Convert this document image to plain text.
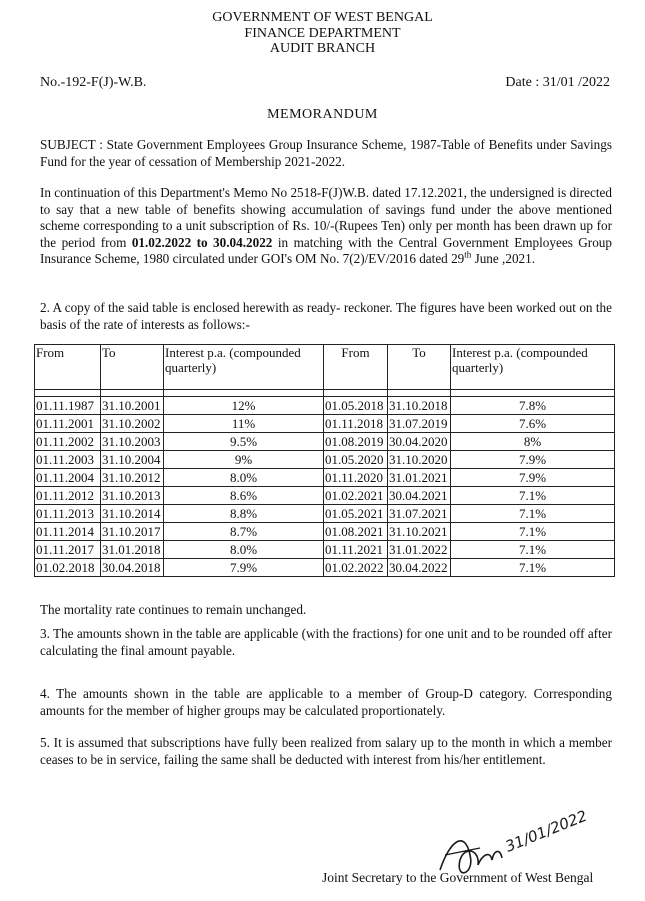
GOVERNMENT OF WEST BENGAL
FINANCE DEPARTMENT
AUDIT BRANCH
No.-192-F(J)-W.B.	Date : 31/01 /2022
MEMORANDUM
SUBJECT : State Government Employees Group Insurance Scheme, 1987-Table of Benefits under Savings Fund for the year of cessation of Membership 2021-2022.
In continuation of this Department's Memo No 2518-F(J)W.B. dated 17.12.2021, the undersigned is directed to say that a new table of benefits showing accumulation of savings fund under the above mentioned scheme corresponding to a unit subscription of Rs. 10/-(Rupees Ten) only per month has been drawn up for the period from 01.02.2022 to 30.04.2022 in matching with the Central Government Employees Group Insurance Scheme, 1980 circulated under GOI's OM No. 7(2)/EV/2016 dated 29th June ,2021.
2. A copy of the said table is enclosed herewith as ready- reckoner. The figures have been worked out on the basis of the rate of interests as follows:-
From	To	Interest p.a. (compounded quarterly)	From	To	Interest p.a. (compounded quarterly)

01.11.1987	31.10.2001	12%	01.05.2018	31.10.2018	7.8%
01.11.2001	31.10.2002	11%	01.11.2018	31.07.2019	7.6%
01.11.2002	31.10.2003	9.5%	01.08.2019	30.04.2020	8%
01.11.2003	31.10.2004	9%	01.05.2020	31.10.2020	7.9%
01.11.2004	31.10.2012	8.0%	01.11.2020	31.01.2021	7.9%
01.11.2012	31.10.2013	8.6%	01.02.2021	30.04.2021	7.1%
01.11.2013	31.10.2014	8.8%	01.05.2021	31.07.2021	7.1%
01.11.2014	31.10.2017	8.7%	01.08.2021	31.10.2021	7.1%
01.11.2017	31.01.2018	8.0%	01.11.2021	31.01.2022	7.1%
01.02.2018	30.04.2018	7.9%	01.02.2022	30.04.2022	7.1%
The mortality rate continues to remain unchanged.
3. The amounts shown in the table are applicable (with the fractions) for one unit and to be rounded off after calculating the final amount payable.
4. The amounts shown in the table are applicable to a member of Group-D category. Corresponding amounts for the member of higher groups may be calculated proportionately.
5. It is assumed that subscriptions have fully been realized from salary up to the month in which a member ceases to be in service, failing the same shall be deducted with interest from his/her entitlement.
31/01/2022
Joint Secretary to the Government of West Bengal
